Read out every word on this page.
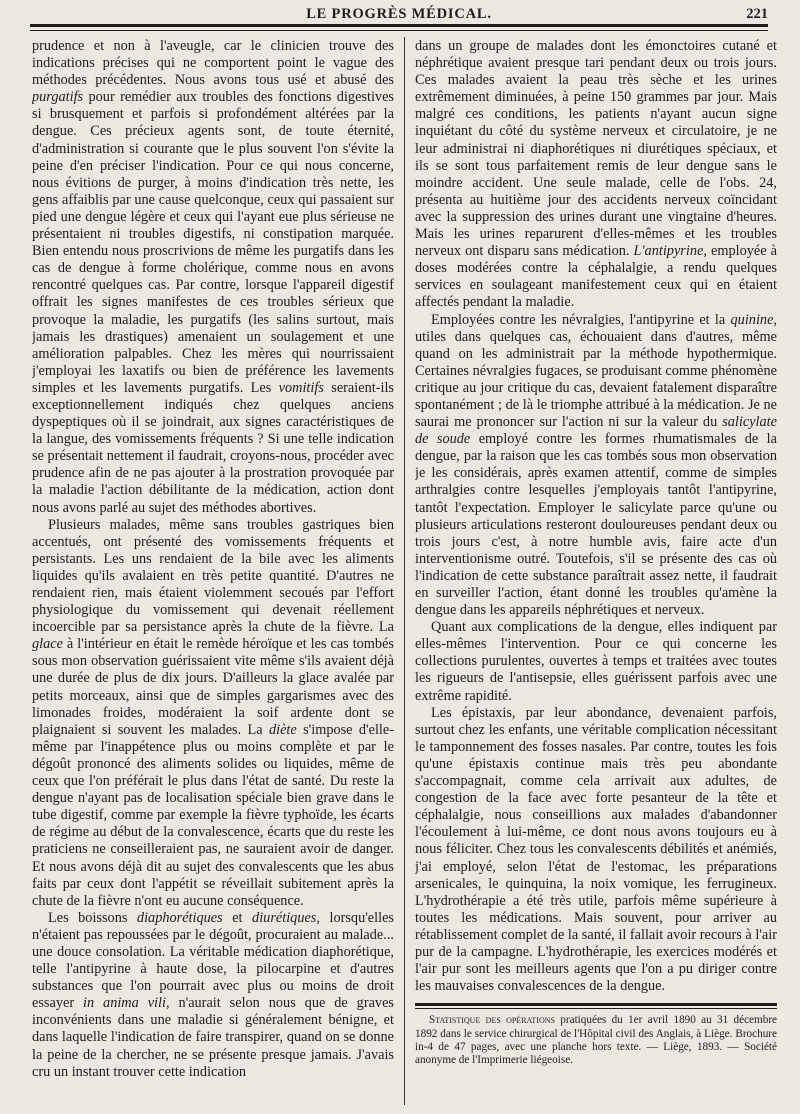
LE PROGRÈS MÉDICAL.	221

prudence et non à l'aveugle, car le clinicien trouve des indications précises qui ne comportent point le vague des méthodes précédentes. Nous avons tous usé et abusé des purgatifs pour remédier aux troubles des fonctions digestives si brusquement et parfois si profondément altérées par la dengue. Ces précieux agents sont, de toute éternité, d'administration si courante que le plus souvent l'on s'évite la peine d'en préciser l'indication. Pour ce qui nous concerne, nous évitions de purger, à moins d'indication très nette, les gens affaiblis par une cause quelconque, ceux qui passaient sur pied une dengue légère et ceux qui l'ayant eue plus sérieuse ne présentaient ni troubles digestifs, ni constipation marquée. Bien entendu nous proscrivions de même les purgatifs dans les cas de dengue à forme cholérique, comme nous en avons rencontré quelques cas. Par contre, lorsque l'appareil digestif offrait les signes manifestes de ces troubles sérieux que provoque la maladie, les purgatifs (les salins surtout, mais jamais les drastiques) amenaient un soulagement et une amélioration palpables. Chez les mères qui nourrissaient j'employai les laxatifs ou bien de préférence les lavements simples et les lavements purgatifs. Les vomitifs seraient-ils exceptionnellement indiqués chez quelques anciens dyspeptiques où il se joindrait, aux signes caractéristiques de la langue, des vomissements fréquents ? Si une telle indication se présentait nettement il faudrait, croyons-nous, procéder avec prudence afin de ne pas ajouter à la prostration provoquée par la maladie l'action débilitante de la médication, action dont nous avons parlé au sujet des méthodes abortives.

Plusieurs malades, même sans troubles gastriques bien accentués, ont présenté des vomissements fréquents et persistants. Les uns rendaient de la bile avec les aliments liquides qu'ils avalaient en très petite quantité. D'autres ne rendaient rien, mais étaient violemment secoués par l'effort physiologique du vomissement qui devenait réellement incoercible par sa persistance après la chute de la fièvre. La glace à l'intérieur en était le remède héroïque et les cas tombés sous mon observation guérissaient vite même s'ils avaient déjà une durée de plus de dix jours. D'ailleurs la glace avalée par petits morceaux, ainsi que de simples gargarismes avec des limonades froides, modéraient la soif ardente dont se plaignaient si souvent les malades. La diète s'impose d'elle-même par l'inappétence plus ou moins complète et par le dégoût prononcé des aliments solides ou liquides, même de ceux que l'on préférait le plus dans l'état de santé. Du reste la dengue n'ayant pas de localisation spéciale bien grave dans le tube digestif, comme par exemple la fièvre typhoïde, les écarts de régime au début de la convalescence, écarts que du reste les praticiens ne conseilleraient pas, ne sauraient avoir de danger. Et nous avons déjà dit au sujet des convalescents que les abus faits par ceux dont l'appétit se réveillait subitement après la chute de la fièvre n'ont eu aucune conséquence.

Les boissons diaphorétiques et diurétiques, lorsqu'elles n'étaient pas repoussées par le dégoût, procuraient au malade... une douce consolation. La véritable médication diaphorétique, telle l'antipyrine à haute dose, la pilocarpine et d'autres substances que l'on pourrait avec plus ou moins de droit essayer in anima vili, n'aurait selon nous que de graves inconvénients dans une maladie si généralement bénigne, et dans laquelle l'indication de faire transpirer, quand on se donne la peine de la chercher, ne se présente presque jamais. J'avais cru un instant trouver cette indication

dans un groupe de malades dont les émonctoires cutané et néphrétique avaient presque tari pendant deux ou trois jours. Ces malades avaient la peau très sèche et les urines extrêmement diminuées, à peine 150 grammes par jour. Mais malgré ces conditions, les patients n'ayant aucun signe inquiétant du côté du système nerveux et circulatoire, je ne leur administrai ni diaphorétiques ni diurétiques spéciaux, et ils se sont tous parfaitement remis de leur dengue sans le moindre accident. Une seule malade, celle de l'obs. 24, présenta au huitième jour des accidents nerveux coïncidant avec la suppression des urines durant une vingtaine d'heures. Mais les urines reparurent d'elles-mêmes et les troubles nerveux ont disparu sans médication. L'antipyrine, employée à doses modérées contre la céphalalgie, a rendu quelques services en soulageant manifestement ceux qui en étaient affectés pendant la maladie.

Employées contre les névralgies, l'antipyrine et la quinine, utiles dans quelques cas, échouaient dans d'autres, même quand on les administrait par la méthode hypothermique. Certaines névralgies fugaces, se produisant comme phénomène critique au jour critique du cas, devaient fatalement disparaître spontanément ; de là le triomphe attribué à la médication. Je ne saurai me prononcer sur l'action ni sur la valeur du salicylate de soude employé contre les formes rhumatismales de la dengue, par la raison que les cas tombés sous mon observation je les considérais, après examen attentif, comme de simples arthralgies contre lesquelles j'employais tantôt l'antipyrine, tantôt l'expectation. Employer le salicylate parce qu'une ou plusieurs articulations resteront douloureuses pendant deux ou trois jours c'est, à notre humble avis, faire acte d'un interventionisme outré. Toutefois, s'il se présente des cas où l'indication de cette substance paraîtrait assez nette, il faudrait en surveiller l'action, étant donné les troubles qu'amène la dengue dans les appareils néphrétiques et nerveux.

Quant aux complications de la dengue, elles indiquent par elles-mêmes l'intervention. Pour ce qui concerne les collections purulentes, ouvertes à temps et traitées avec toutes les rigueurs de l'antisepsie, elles guérissent parfois avec une extrême rapidité.

Les épistaxis, par leur abondance, devenaient parfois, surtout chez les enfants, une véritable complication nécessitant le tamponnement des fosses nasales. Par contre, toutes les fois qu'une épistaxis continue mais très peu abondante s'accompagnait, comme cela arrivait aux adultes, de congestion de la face avec forte pesanteur de la tête et céphalalgie, nous conseillions aux malades d'abandonner l'écoulement à lui-même, ce dont nous avons toujours eu à nous féliciter. Chez tous les convalescents débilités et anémiés, j'ai employé, selon l'état de l'estomac, les préparations arsenicales, le quinquina, la noix vomique, les ferrugineux. L'hydrothérapie a été très utile, parfois même supérieure à toutes les médications. Mais souvent, pour arriver au rétablissement complet de la santé, il fallait avoir recours à l'air pur de la campagne. L'hydrothérapie, les exercices modérés et l'air pur sont les meilleurs agents que l'on a pu diriger contre les mauvaises convalescences de la dengue.

Statistique des opérations pratiquées du 1er avril 1890 au 31 décembre 1892 dans le service chirurgical de l'Hôpital civil des Anglais, à Liège. Brochure in-4 de 47 pages, avec une planche hors texte. — Liège, 1893. — Société anonyme de l'Imprimerie liégeoise.
